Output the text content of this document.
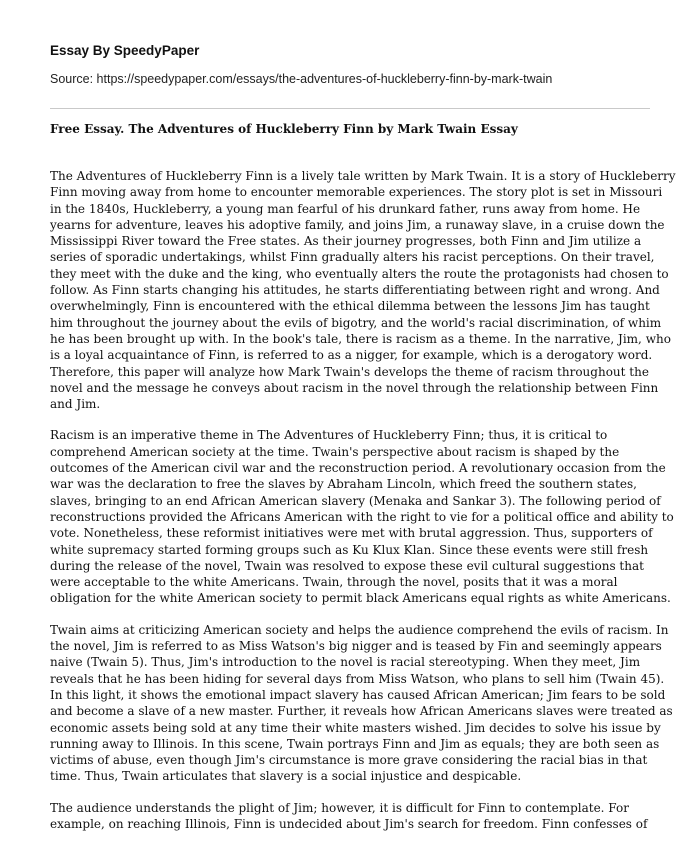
Essay By SpeedyPaper
Source: https://speedypaper.com/essays/the-adventures-of-huckleberry-finn-by-mark-twain
Free Essay. The Adventures of Huckleberry Finn by Mark Twain Essay

The Adventures of Huckleberry Finn is a lively tale written by Mark Twain. It is a story of Huckleberry Finn moving away from home to encounter memorable experiences. The story plot is set in Missouri in the 1840s, Huckleberry, a young man fearful of his drunkard father, runs away from home. He yearns for adventure, leaves his adoptive family, and joins Jim, a runaway slave, in a cruise down the Mississippi River toward the Free states. As their journey progresses, both Finn and Jim utilize a series of sporadic undertakings, whilst Finn gradually alters his racist perceptions. On their travel, they meet with the duke and the king, who eventually alters the route the protagonists had chosen to follow. As Finn starts changing his attitudes, he starts differentiating between right and wrong. And overwhelmingly, Finn is encountered with the ethical dilemma between the lessons Jim has taught him throughout the journey about the evils of bigotry, and the world's racial discrimination, of whim he has been brought up with. In the book's tale, there is racism as a theme. In the narrative, Jim, who is a loyal acquaintance of Finn, is referred to as a nigger, for example, which is a derogatory word. Therefore, this paper will analyze how Mark Twain's develops the theme of racism throughout the novel and the message he conveys about racism in the novel through the relationship between Finn and Jim.

Racism is an imperative theme in The Adventures of Huckleberry Finn; thus, it is critical to comprehend American society at the time. Twain's perspective about racism is shaped by the outcomes of the American civil war and the reconstruction period. A revolutionary occasion from the war was the declaration to free the slaves by Abraham Lincoln, which freed the southern states, slaves, bringing to an end African American slavery (Menaka and Sankar 3). The following period of reconstructions provided the Africans American with the right to vie for a political office and ability to vote. Nonetheless, these reformist initiatives were met with brutal aggression. Thus, supporters of white supremacy started forming groups such as Ku Klux Klan. Since these events were still fresh during the release of the novel, Twain was resolved to expose these evil cultural suggestions that were acceptable to the white Americans. Twain, through the novel, posits that it was a moral obligation for the white American society to permit black Americans equal rights as white Americans.

Twain aims at criticizing American society and helps the audience comprehend the evils of racism. In the novel, Jim is referred to as Miss Watson's big nigger and is teased by Fin and seemingly appears naive (Twain 5). Thus, Jim's introduction to the novel is racial stereotyping. When they meet, Jim reveals that he has been hiding for several days from Miss Watson, who plans to sell him (Twain 45). In this light, it shows the emotional impact slavery has caused African American; Jim fears to be sold and become a slave of a new master. Further, it reveals how African Americans slaves were treated as economic assets being sold at any time their white masters wished. Jim decides to solve his issue by running away to Illinois. In this scene, Twain portrays Finn and Jim as equals; they are both seen as victims of abuse, even though Jim's circumstance is more grave considering the racial bias in that time. Thus, Twain articulates that slavery is a social injustice and despicable.

The audience understands the plight of Jim; however, it is difficult for Finn to contemplate. For example, on reaching Illinois, Finn is undecided about Jim's search for freedom. Finn confesses of
